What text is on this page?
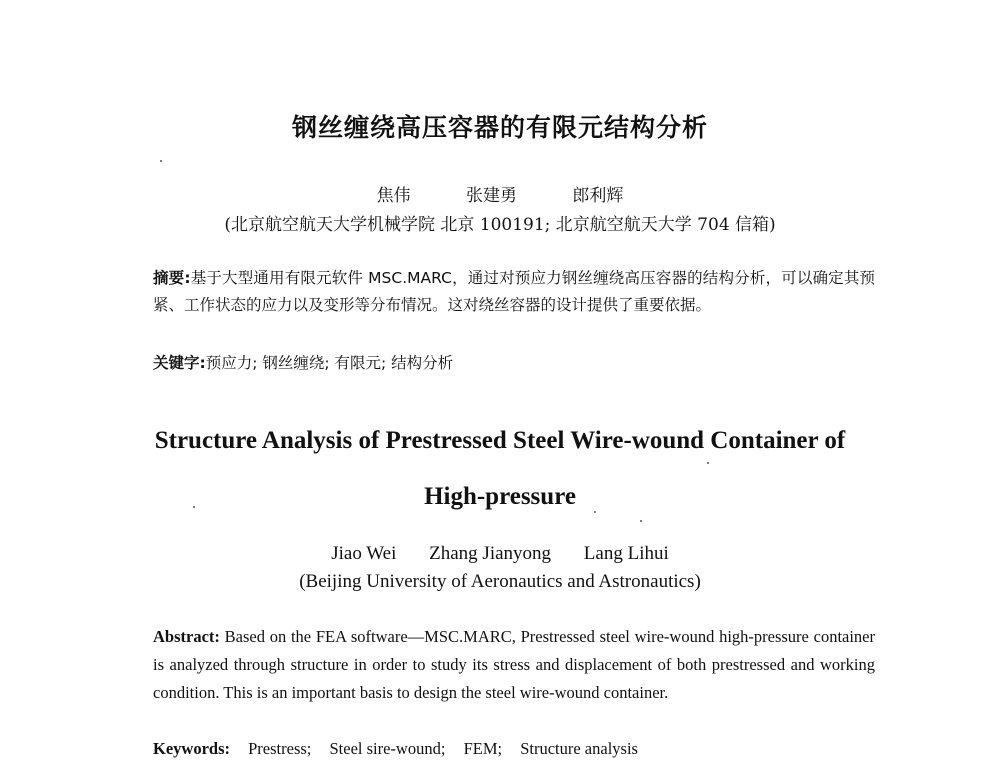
钢丝缠绕高压容器的有限元结构分析
焦伟	张建勇	郎利辉
(北京航空航天大学机械学院 北京 100191; 北京航空航天大学 704 信箱)
摘要:基于大型通用有限元软件 MSC.MARC，通过对预应力钢丝缠绕高压容器的结构分析，可以确定其预紧、工作状态的应力以及变形等分布情况。这对绕丝容器的设计提供了重要依据。
关键字:预应力; 钢丝缠绕; 有限元; 结构分析
Structure Analysis of Prestressed Steel Wire-wound Container of
High-pressure
Jiao Wei Zhang Jianyong Lang Lihui
(Beijing University of Aeronautics and Astronautics)
Abstract: Based on the FEA software—MSC.MARC, Prestressed steel wire-wound high-pressure container is analyzed through structure in order to study its stress and displacement of both prestressed and working condition. This is an important basis to design the steel wire-wound container.
Keywords: Prestress; Steel sire-wound; FEM; Structure analysis
